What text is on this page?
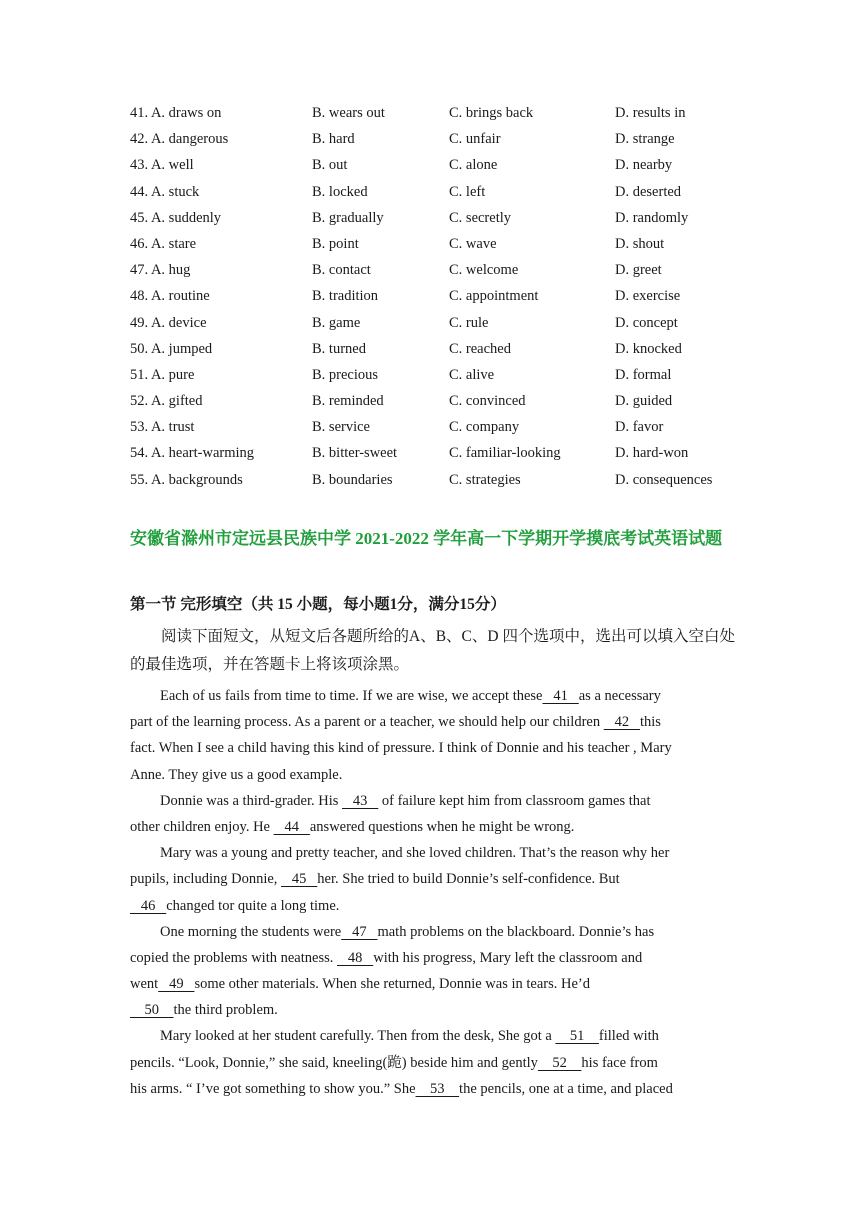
41. A. draws on	B. wears out	C. brings back	D. results in
42. A. dangerous	B. hard	C. unfair	D. strange
43. A. well	B. out	C. alone	D. nearby
44. A. stuck	B. locked	C. left	D. deserted
45. A. suddenly	B. gradually	C. secretly	D. randomly
46. A. stare	B. point	C. wave	D. shout
47. A. hug	B. contact	C. welcome	D. greet
48. A. routine	B. tradition	C. appointment	D. exercise
49. A. device	B. game	C. rule	D. concept
50. A. jumped	B. turned	C. reached	D. knocked
51. A. pure	B. precious	C. alive	D. formal
52. A. gifted	B. reminded	C. convinced	D. guided
53. A. trust	B. service	C. company	D. favor
54. A. heart-warming	B. bitter-sweet	C. familiar-looking	D. hard-won
55. A. backgrounds	B. boundaries	C. strategies	D. consequences
安徽省滁州市定远县民族中学 2021-2022 学年高一下学期开学摸底考试英语试题
第一节 完形填空（共 15 小题，每小题1分，满分15分）
阅读下面短文，从短文后各题所给的A、B、C、D 四个选项中，选出可以填入空白处的最佳选项，并在答题卡上将该项涂黑。
Each of us fails from time to time. If we are wise, we accept these   41   as a necessary
part of the learning process. As a parent or a teacher, we should help our children    42   this
fact. When I see a child having this kind of pressure. I think of Donnie and his teacher , Mary
Anne. They give us a good example.
Donnie was a third-grader. His    43    of failure kept him from classroom games that
other children enjoy. He    44   answered questions when he might be wrong.
Mary was a young and pretty teacher, and she loved children. That’s the reason why her
pupils, including Donnie,    45   her. She tried to build Donnie’s self-confidence. But
46   changed tor quite a long time.
One morning the students were   47   math problems on the blackboard. Donnie’s has
copied the problems with neatness.    48   with his progress, Mary left the classroom and
went   49   some other materials. When she returned, Donnie was in tears. He’d
50    the third problem.
Mary looked at her student carefully. Then from the desk, She got a     51    filled with
pencils. “Look, Donnie,” she said, kneeling(跪) beside him and gently    52    his face from
his arms. “ I’ve got something to show you.” She    53    the pencils, one at a time, and placed
